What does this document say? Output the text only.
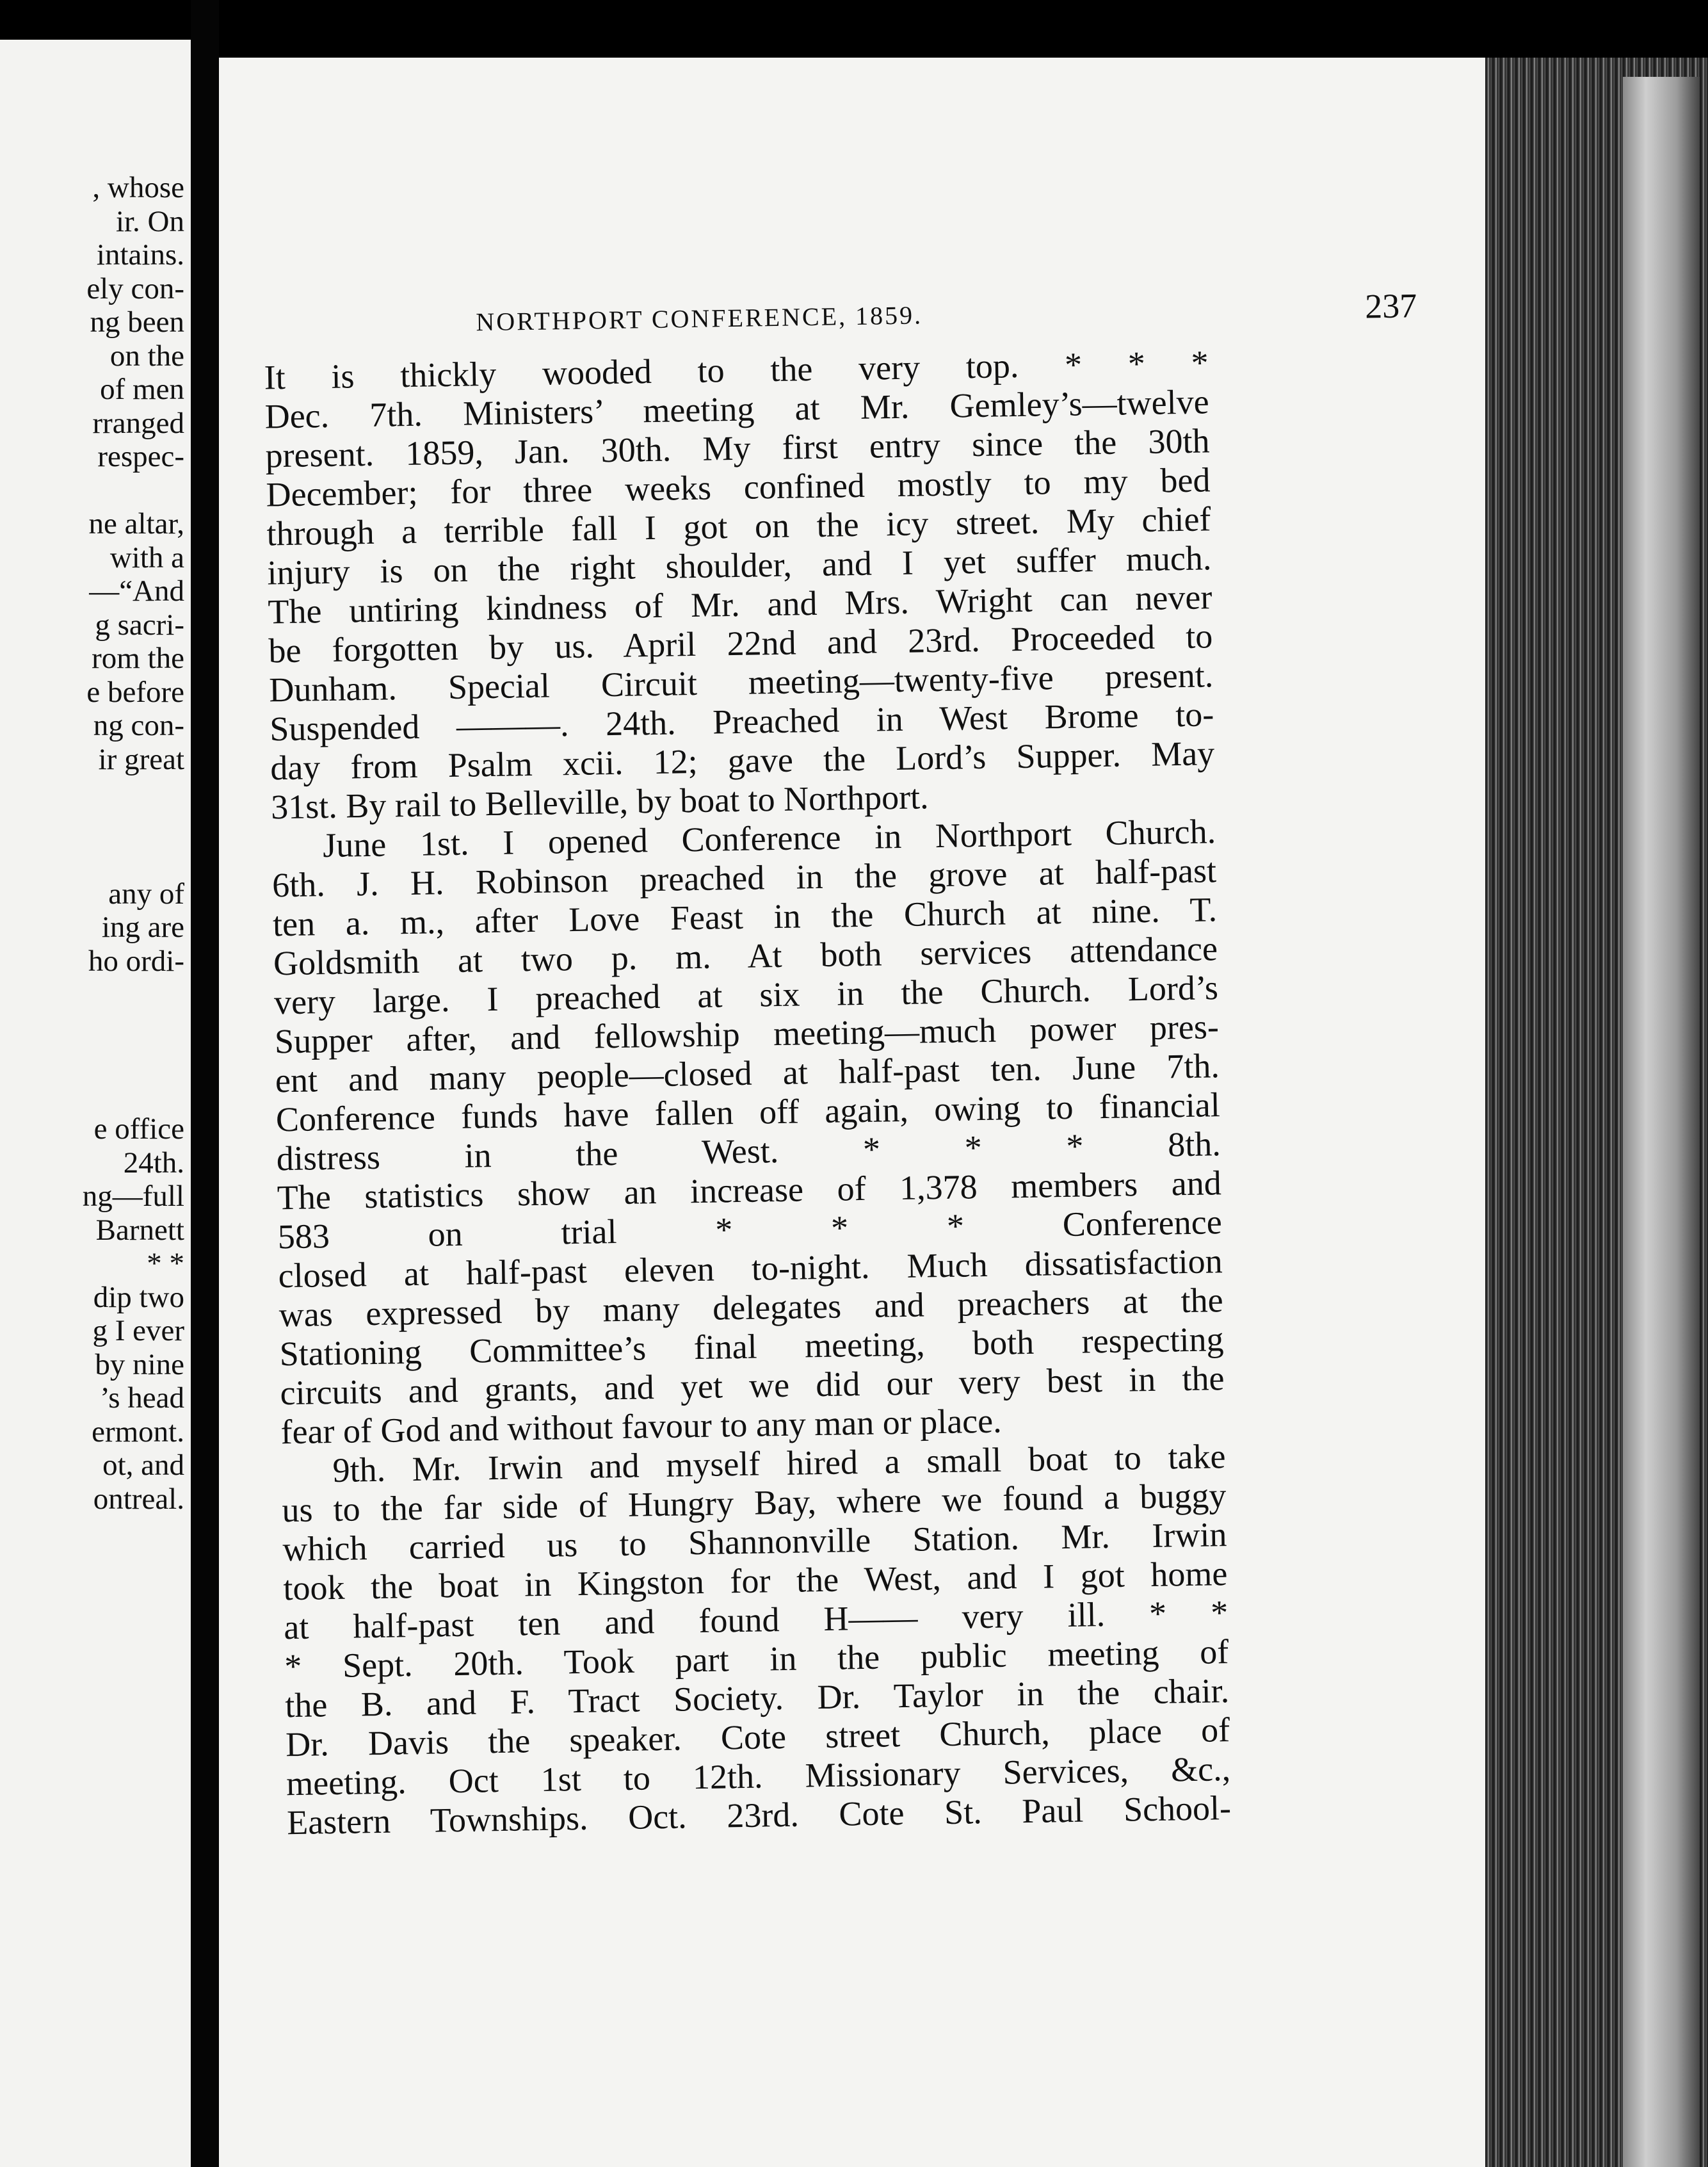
, whose
ir. On
intains.
ely con-
ng been
on the
of men
rranged
respec-
ne altar,
with a
—“And
g sacri-
rom the
e before
ng con-
ir great
any of
ing are
ho ordi-
e office
24th.
ng—full
Barnett
* *
dip two
g I ever
by nine
’s head
ermont.
ot, and
ontreal.
NORTHPORT CONFERENCE, 1859.	237
It is thickly wooded to the very top. * * *
Dec. 7th. Ministers’ meeting at Mr. Gemley’s—twelve
present. 1859, Jan. 30th. My first entry since the 30th
December; for three weeks confined mostly to my bed
through a terrible fall I got on the icy street. My chief
injury is on the right shoulder, and I yet suffer much.
The untiring kindness of Mr. and Mrs. Wright can never
be forgotten by us. April 22nd and 23rd. Proceeded to
Dunham. Special Circuit meeting—twenty-five present.
Suspended ———. 24th. Preached in West Brome to-
day from Psalm xcii. 12; gave the Lord’s Supper. May
31st. By rail to Belleville, by boat to Northport.
June 1st. I opened Conference in Northport Church.
6th. J. H. Robinson preached in the grove at half-past
ten a. m., after Love Feast in the Church at nine. T.
Goldsmith at two p. m. At both services attendance
very large. I preached at six in the Church. Lord’s
Supper after, and fellowship meeting—much power pres-
ent and many people—closed at half-past ten. June 7th.
Conference funds have fallen off again, owing to financial
distress in the West. * * * 8th.
The statistics show an increase of 1,378 members and
583 on trial * * * Conference
closed at half-past eleven to-night. Much dissatisfaction
was expressed by many delegates and preachers at the
Stationing Committee’s final meeting, both respecting
circuits and grants, and yet we did our very best in the
fear of God and without favour to any man or place.
9th. Mr. Irwin and myself hired a small boat to take
us to the far side of Hungry Bay, where we found a buggy
which carried us to Shannonville Station. Mr. Irwin
took the boat in Kingston for the West, and I got home
at half-past ten and found H—— very ill. * *
* Sept. 20th. Took part in the public meeting of
the B. and F. Tract Society. Dr. Taylor in the chair.
Dr. Davis the speaker. Cote street Church, place of
meeting. Oct 1st to 12th. Missionary Services, &c.,
Eastern Townships. Oct. 23rd. Cote St. Paul School-
